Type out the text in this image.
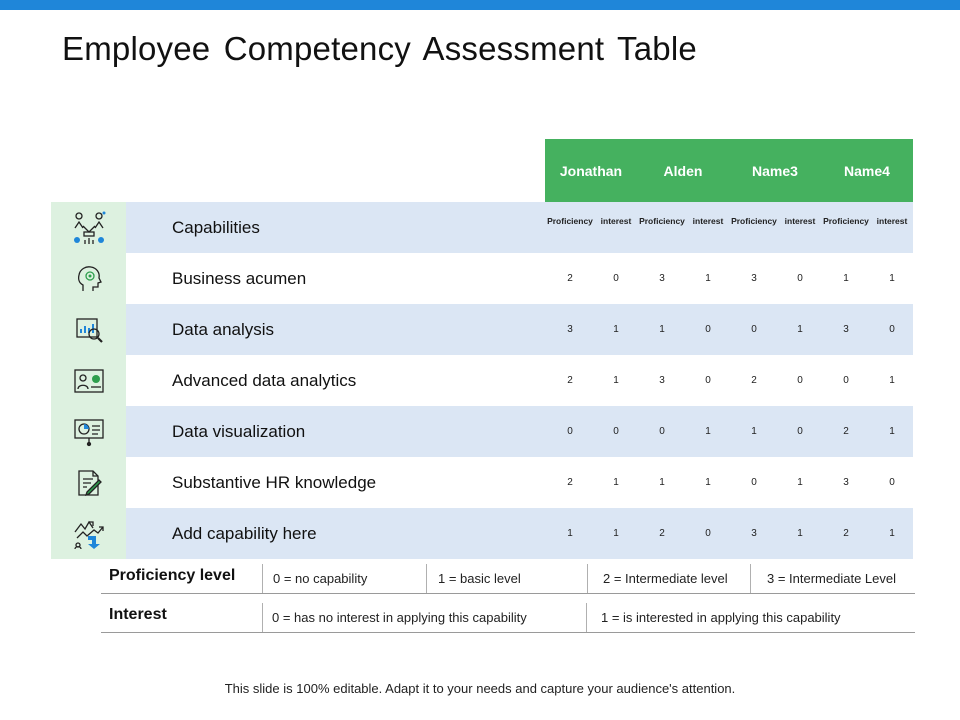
Employee Competency Assessment Table
Jonathan	Alden	Name3	Name4
Capabilities	Proficiency interest Proficiency interest Proficiency interest Proficiency interest
Business acumen	2	0	3	1	3	0	1	1
Data analysis	3	1	1	0	0	1	3	0
Advanced data analytics	2	1	3	0	2	0	0	1
Data visualization	0	0	0	1	1	0	2	1
Substantive HR knowledge	2	1	1	1	0	1	3	0
Add capability here	1	1	2	0	3	1	2	1
Proficiency level	0 = no capability	1 = basic level	2 = Intermediate level	3 = Intermediate Level
Interest	0 = has no interest in applying this capability	1 = is interested in applying this capability
This slide is 100% editable. Adapt it to your needs and capture your audience's attention.
